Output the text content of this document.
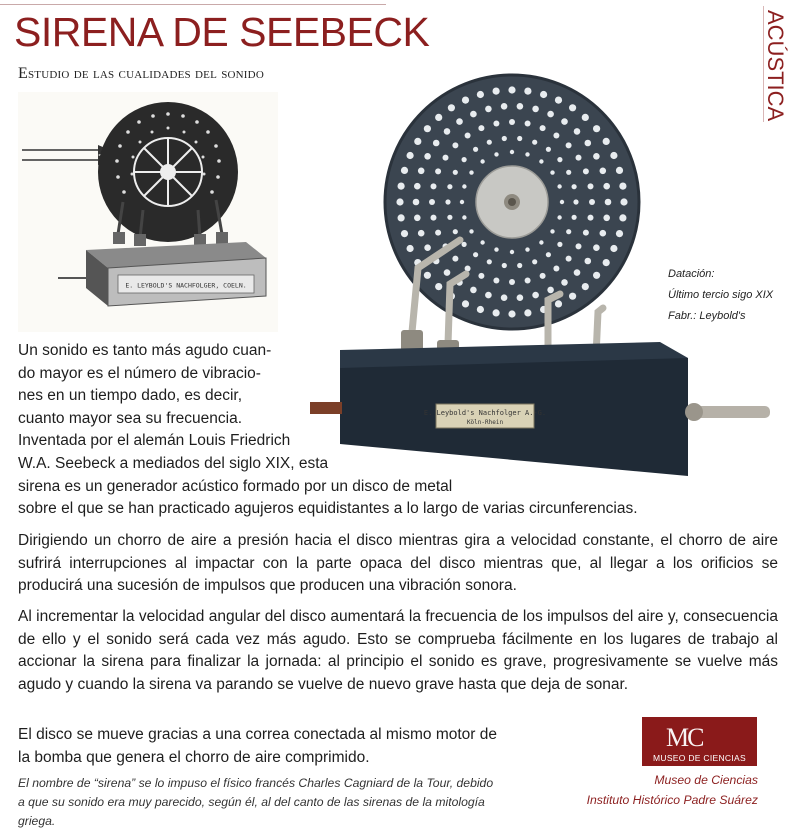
SIRENA DE SEEBECK
Estudio de las cualidades del sonido	ACÚSTICA
E. LEYBOLD'S NACHFOLGER, COELN.
E. Leybold's Nachfolger A.-G.
Köln-Rhein
Datación:
Último tercio sigo XIX
Fabr.: Leybold's
Un sonido es tanto más agudo cuan-
do mayor es el número de vibracio-
nes en un tiempo dado, es decir,
cuanto mayor sea su frecuencia.
Inventada por el alemán Louis Friedrich
W.A. Seebeck a mediados del siglo XIX, esta
sirena es un generador acústico formado por un disco de metal
sobre el que se han practicado agujeros equidistantes a lo largo de varias circunferencias.

Dirigiendo un chorro de aire a presión hacia el disco mientras gira a velocidad constante, el chorro de aire sufrirá interrupciones al impactar con la parte opaca del disco mientras que, al llegar a los orificios se producirá una sucesión de impulsos que producen una vibración sonora.

Al incrementar la velocidad angular del disco aumentará la frecuencia de los impulsos del aire y, consecuencia de ello y el sonido será cada vez más agudo. Esto se comprueba fácilmente en los lugares de trabajo al accionar la sirena para finalizar la jornada: al principio el sonido es grave, progresivamente se vuelve más agudo y cuando la sirena va parando se vuelve de nuevo grave hasta que deja de sonar.

El disco se mueve gracias a una correa conectada al mismo motor de
la bomba que genera el chorro de aire comprimido.
El nombre de “sirena” se lo impuso el físico francés Charles Cagniard de la Tour, debido
a que su sonido era muy parecido, según él, al del canto de las sirenas de la mitología
griega.
MC
MUSEO DE CIENCIAS
Museo de Ciencias
Instituto Histórico Padre Suárez
